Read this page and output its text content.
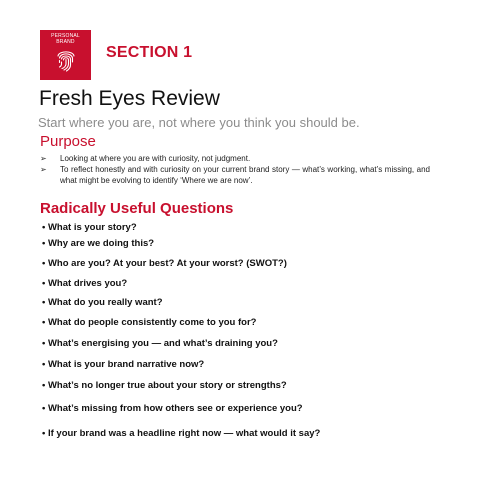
PERSONAL
BRAND
SECTION 1
Fresh Eyes Review
Start where you are, not where you think you should be.
Purpose
➢ Looking at where you are with curiosity, not judgment.
➢ To reflect honestly and with curiosity on your current brand story — what’s working, what’s missing, and what might be evolving to identify ‘Where we are now’.
Radically Useful Questions
• What is your story?
• Why are we doing this?
• Who are you? At your best? At your worst? (SWOT?)
• What drives you?
• What do you really want?
• What do people consistently come to you for?
• What’s energising you — and what’s draining you?
• What is your brand narrative now?
• What’s no longer true about your story or strengths?
• What’s missing from how others see or experience you?
• If your brand was a headline right now — what would it say?
